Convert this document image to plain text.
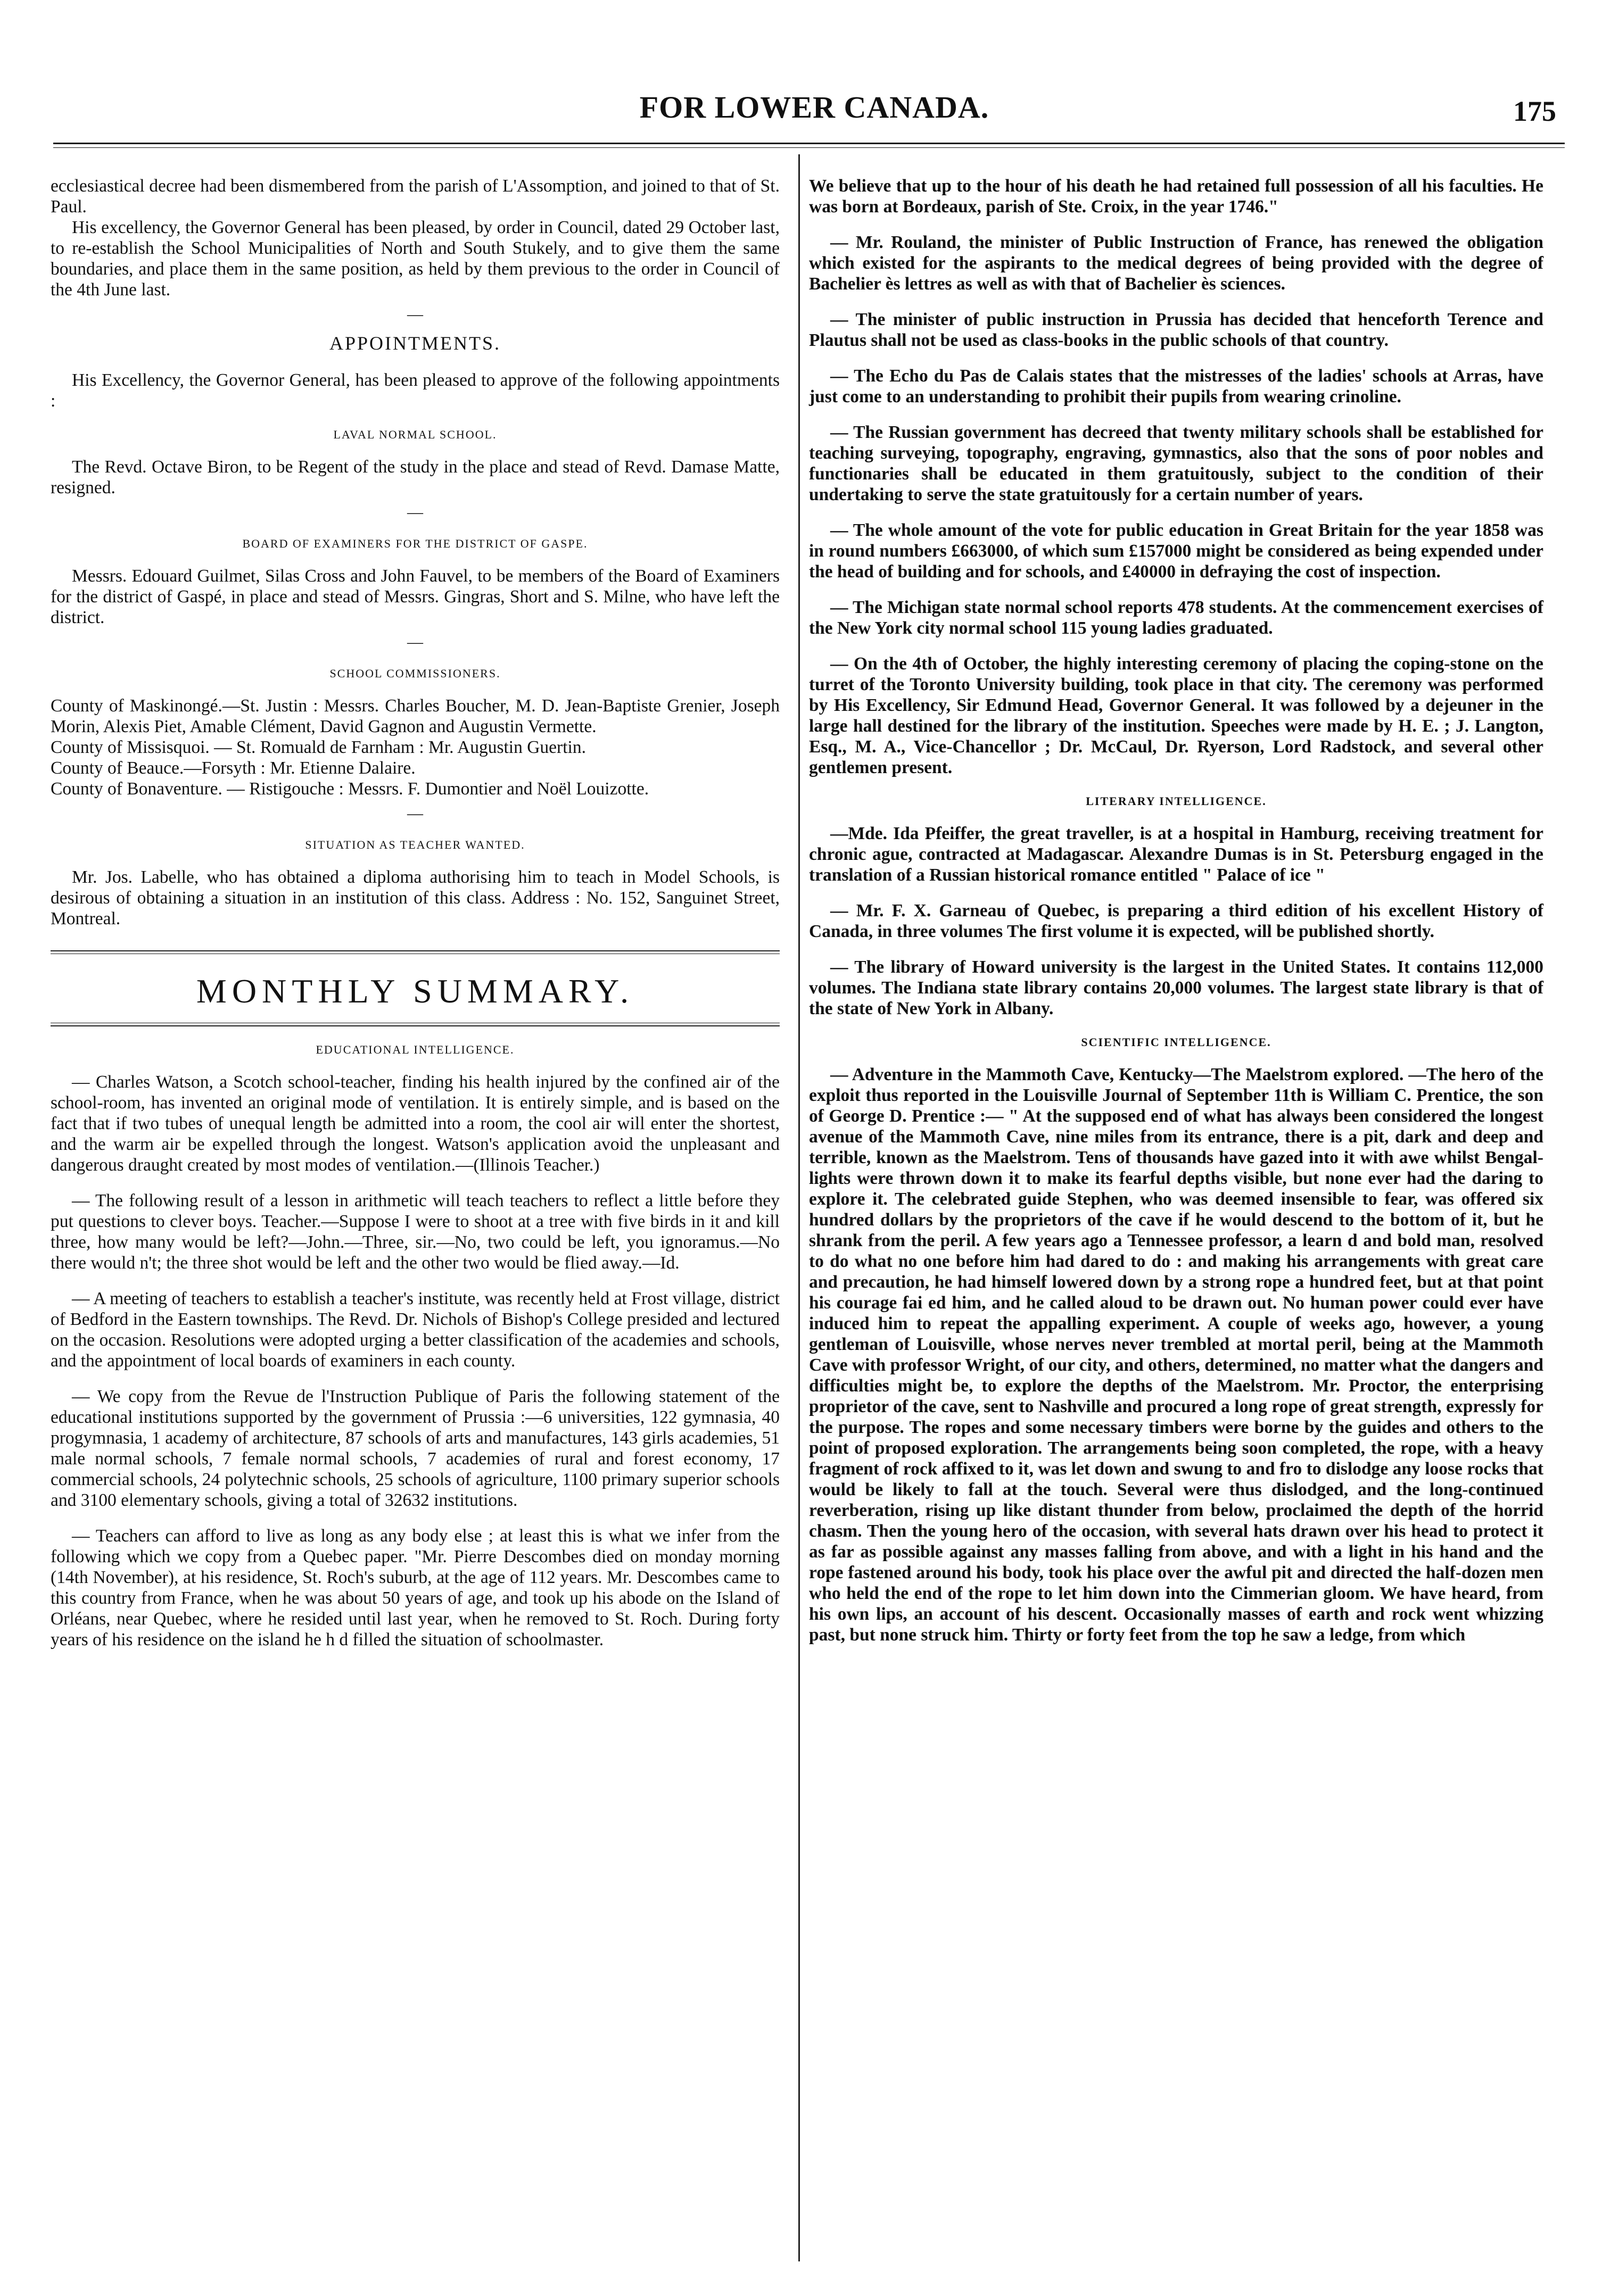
FOR LOWER CANADA.	175

ecclesiastical decree had been dismembered from the parish of L'Assomption, and joined to that of St. Paul.

His excellency, the Governor General has been pleased, by order in Council, dated 29 October last, to re-establish the School Municipalities of North and South Stukely, and to give them the same boundaries, and place them in the same position, as held by them previous to the order in Council of the 4th June last.

—
APPOINTMENTS.

His Excellency, the Governor General, has been pleased to approve of the following appointments :

LAVAL NORMAL SCHOOL.

The Revd. Octave Biron, to be Regent of the study in the place and stead of Revd. Damase Matte, resigned.

—
BOARD OF EXAMINERS FOR THE DISTRICT OF GASPE.

Messrs. Edouard Guilmet, Silas Cross and John Fauvel, to be members of the Board of Examiners for the district of Gaspé, in place and stead of Messrs. Gingras, Short and S. Milne, who have left the district.

—
SCHOOL COMMISSIONERS.

County of Maskinongé.—St. Justin : Messrs. Charles Boucher, M. D. Jean-Baptiste Grenier, Joseph Morin, Alexis Piet, Amable Clément, David Gagnon and Augustin Vermette.

County of Missisquoi. — St. Romuald de Farnham : Mr. Augustin Guertin.

County of Beauce.—Forsyth : Mr. Etienne Dalaire.

County of Bonaventure. — Ristigouche : Messrs. F. Dumontier and Noël Louizotte.

—
SITUATION AS TEACHER WANTED.

Mr. Jos. Labelle, who has obtained a diploma authorising him to teach in Model Schools, is desirous of obtaining a situation in an institution of this class. Address : No. 152, Sanguinet Street, Montreal.

MONTHLY SUMMARY.
EDUCATIONAL INTELLIGENCE.

— Charles Watson, a Scotch school-teacher, finding his health injured by the confined air of the school-room, has invented an original mode of ventilation. It is entirely simple, and is based on the fact that if two tubes of unequal length be admitted into a room, the cool air will enter the shortest, and the warm air be expelled through the longest. Watson's application avoid the unpleasant and dangerous draught created by most modes of ventilation.—(Illinois Teacher.)

— The following result of a lesson in arithmetic will teach teachers to reflect a little before they put questions to clever boys. Teacher.—Suppose I were to shoot at a tree with five birds in it and kill three, how many would be left?—John.—Three, sir.—No, two could be left, you ignoramus.—No there would n't; the three shot would be left and the other two would be flied away.—Id.

— A meeting of teachers to establish a teacher's institute, was recently held at Frost village, district of Bedford in the Eastern townships. The Revd. Dr. Nichols of Bishop's College presided and lectured on the occasion. Resolutions were adopted urging a better classification of the academies and schools, and the appointment of local boards of examiners in each county.

— We copy from the Revue de l'Instruction Publique of Paris the following statement of the educational institutions supported by the government of Prussia :—6 universities, 122 gymnasia, 40 progymnasia, 1 academy of architecture, 87 schools of arts and manufactures, 143 girls academies, 51 male normal schools, 7 female normal schools, 7 academies of rural and forest economy, 17 commercial schools, 24 polytechnic schools, 25 schools of agriculture, 1100 primary superior schools and 3100 elementary schools, giving a total of 32632 institutions.

— Teachers can afford to live as long as any body else ; at least this is what we infer from the following which we copy from a Quebec paper. "Mr. Pierre Descombes died on monday morning (14th November), at his residence, St. Roch's suburb, at the age of 112 years. Mr. Descombes came to this country from France, when he was about 50 years of age, and took up his abode on the Island of Orléans, near Quebec, where he resided until last year, when he removed to St. Roch. During forty years of his residence on the island he h d filled the situation of schoolmaster.

We believe that up to the hour of his death he had retained full possession of all his faculties. He was born at Bordeaux, parish of Ste. Croix, in the year 1746."

— Mr. Rouland, the minister of Public Instruction of France, has renewed the obligation which existed for the aspirants to the medical degrees of being provided with the degree of Bachelier ès lettres as well as with that of Bachelier ès sciences.

— The minister of public instruction in Prussia has decided that henceforth Terence and Plautus shall not be used as class-books in the public schools of that country.

— The Echo du Pas de Calais states that the mistresses of the ladies' schools at Arras, have just come to an understanding to prohibit their pupils from wearing crinoline.

— The Russian government has decreed that twenty military schools shall be established for teaching surveying, topography, engraving, gymnastics, also that the sons of poor nobles and functionaries shall be educated in them gratuitously, subject to the condition of their undertaking to serve the state gratuitously for a certain number of years.

— The whole amount of the vote for public education in Great Britain for the year 1858 was in round numbers £663000, of which sum £157000 might be considered as being expended under the head of building and for schools, and £40000 in defraying the cost of inspection.

— The Michigan state normal school reports 478 students. At the commencement exercises of the New York city normal school 115 young ladies graduated.

— On the 4th of October, the highly interesting ceremony of placing the coping-stone on the turret of the Toronto University building, took place in that city. The ceremony was performed by His Excellency, Sir Edmund Head, Governor General. It was followed by a dejeuner in the large hall destined for the library of the institution. Speeches were made by H. E. ; J. Langton, Esq., M. A., Vice-Chancellor ; Dr. McCaul, Dr. Ryerson, Lord Radstock, and several other gentlemen present.

LITERARY INTELLIGENCE.

—Mde. Ida Pfeiffer, the great traveller, is at a hospital in Hamburg, receiving treatment for chronic ague, contracted at Madagascar. Alexandre Dumas is in St. Petersburg engaged in the translation of a Russian historical romance entitled " Palace of ice "

— Mr. F. X. Garneau of Quebec, is preparing a third edition of his excellent History of Canada, in three volumes The first volume it is expected, will be published shortly.

— The library of Howard university is the largest in the United States. It contains 112,000 volumes. The Indiana state library contains 20,000 volumes. The largest state library is that of the state of New York in Albany.

SCIENTIFIC INTELLIGENCE.

— Adventure in the Mammoth Cave, Kentucky—The Maelstrom explored. —The hero of the exploit thus reported in the Louisville Journal of September 11th is William C. Prentice, the son of George D. Prentice :— " At the supposed end of what has always been considered the longest avenue of the Mammoth Cave, nine miles from its entrance, there is a pit, dark and deep and terrible, known as the Maelstrom. Tens of thousands have gazed into it with awe whilst Bengal-lights were thrown down it to make its fearful depths visible, but none ever had the daring to explore it. The celebrated guide Stephen, who was deemed insensible to fear, was offered six hundred dollars by the proprietors of the cave if he would descend to the bottom of it, but he shrank from the peril. A few years ago a Tennessee professor, a learn d and bold man, resolved to do what no one before him had dared to do : and making his arrangements with great care and precaution, he had himself lowered down by a strong rope a hundred feet, but at that point his courage fai ed him, and he called aloud to be drawn out. No human power could ever have induced him to repeat the appalling experiment. A couple of weeks ago, however, a young gentleman of Louisville, whose nerves never trembled at mortal peril, being at the Mammoth Cave with professor Wright, of our city, and others, determined, no matter what the dangers and difficulties might be, to explore the depths of the Maelstrom. Mr. Proctor, the enterprising proprietor of the cave, sent to Nashville and procured a long rope of great strength, expressly for the purpose. The ropes and some necessary timbers were borne by the guides and others to the point of proposed exploration. The arrangements being soon completed, the rope, with a heavy fragment of rock affixed to it, was let down and swung to and fro to dislodge any loose rocks that would be likely to fall at the touch. Several were thus dislodged, and the long-continued reverberation, rising up like distant thunder from below, proclaimed the depth of the horrid chasm. Then the young hero of the occasion, with several hats drawn over his head to protect it as far as possible against any masses falling from above, and with a light in his hand and the rope fastened around his body, took his place over the awful pit and directed the half-dozen men who held the end of the rope to let him down into the Cimmerian gloom. We have heard, from his own lips, an account of his descent. Occasionally masses of earth and rock went whizzing past, but none struck him. Thirty or forty feet from the top he saw a ledge, from which
